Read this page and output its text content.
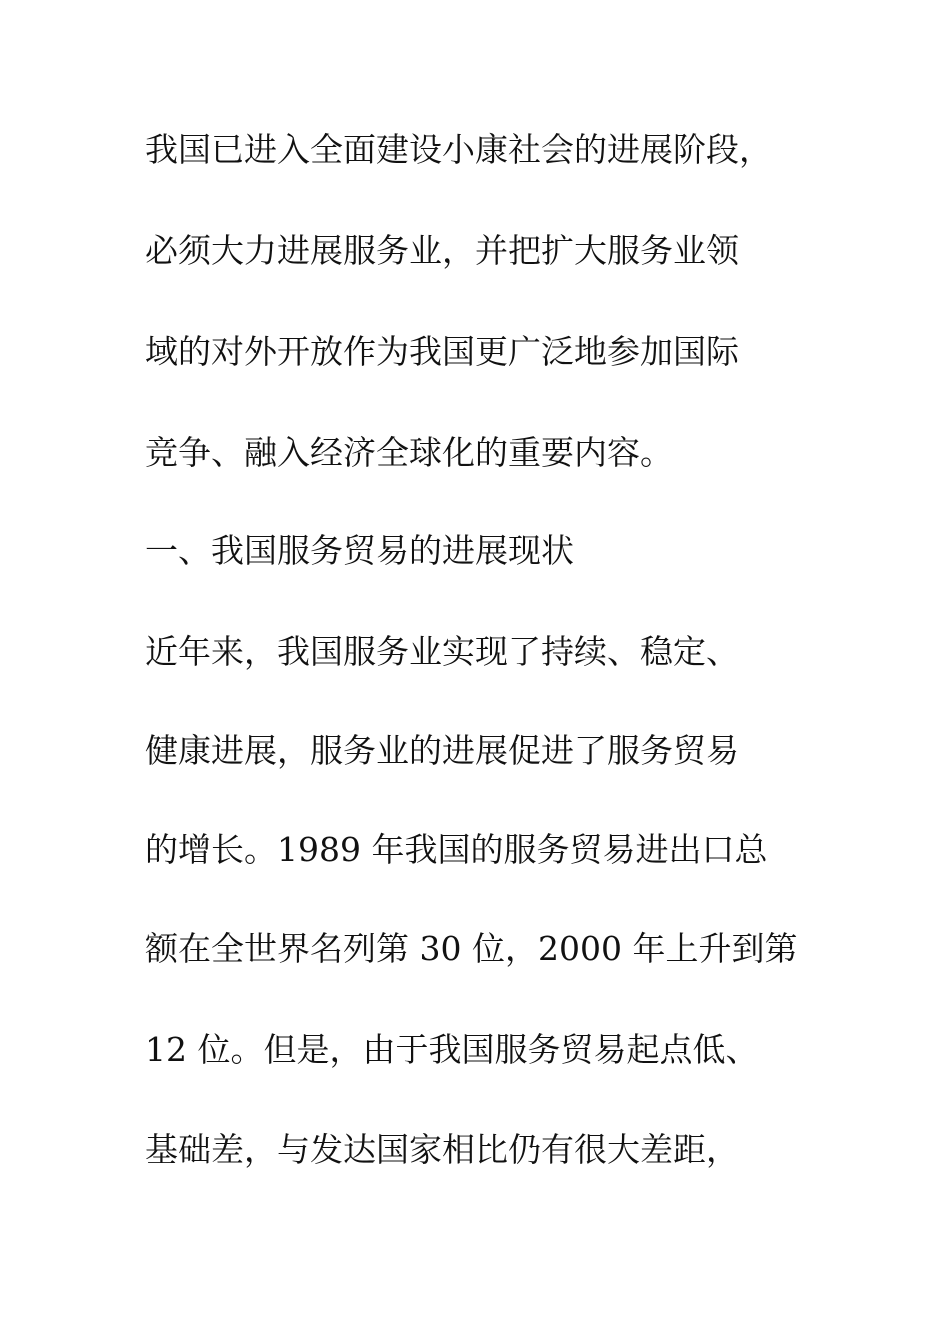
我国已进入全面建设小康社会的进展阶段，

必须大力进展服务业，并把扩大服务业领

域的对外开放作为我国更广泛地参加国际

竞争、融入经济全球化的重要内容。

一、我国服务贸易的进展现状

近年来，我国服务业实现了持续、稳定、

健康进展，服务业的进展促进了服务贸易

的增长。1989 年我国的服务贸易进出口总

额在全世界名列第 30 位，2000 年上升到第

12 位。但是，由于我国服务贸易起点低、

基础差，与发达国家相比仍有很大差距，
